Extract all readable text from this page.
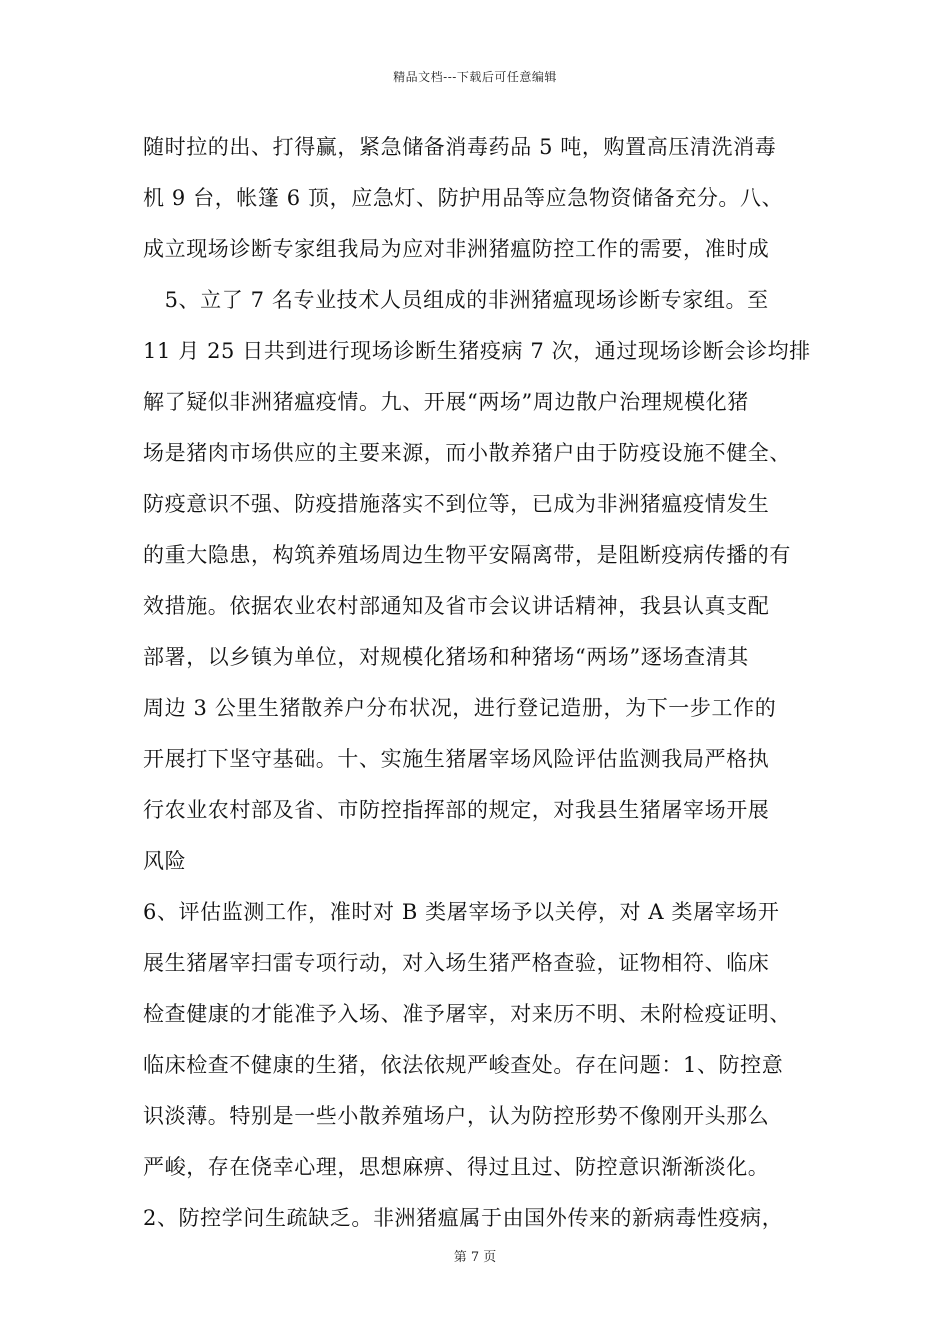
精品文档---下载后可任意编辑
随时拉的出、打得赢，紧急储备消毒药品 5 吨，购置高压清洗消毒
机 9 台，帐篷 6 顶，应急灯、防护用品等应急物资储备充分。八、
成立现场诊断专家组我局为应对非洲猪瘟防控工作的需要，准时成
　5、立了 7 名专业技术人员组成的非洲猪瘟现场诊断专家组。至
11 月 25 日共到进行现场诊断生猪疫病 7 次，通过现场诊断会诊均排
解了疑似非洲猪瘟疫情。九、开展“两场”周边散户治理规模化猪
场是猪肉市场供应的主要来源，而小散养猪户由于防疫设施不健全、
防疫意识不强、防疫措施落实不到位等，已成为非洲猪瘟疫情发生
的重大隐患，构筑养殖场周边生物平安隔离带，是阻断疫病传播的有
效措施。依据农业农村部通知及省市会议讲话精神，我县认真支配
部署，以乡镇为单位，对规模化猪场和种猪场“两场”逐场查清其
周边 3 公里生猪散养户分布状况，进行登记造册，为下一步工作的
开展打下坚守基础。十、实施生猪屠宰场风险评估监测我局严格执
行农业农村部及省、市防控指挥部的规定，对我县生猪屠宰场开展
风险
6、评估监测工作，准时对 B 类屠宰场予以关停，对 A 类屠宰场开
展生猪屠宰扫雷专项行动，对入场生猪严格查验，证物相符、临床
检查健康的才能准予入场、准予屠宰，对来历不明、未附检疫证明、
临床检查不健康的生猪，依法依规严峻查处。存在问题：1、防控意
识淡薄。特别是一些小散养殖场户，认为防控形势不像刚开头那么
严峻，存在侥幸心理，思想麻痹、得过且过、防控意识渐渐淡化。
2、防控学问生疏缺乏。非洲猪瘟属于由国外传来的新病毒性疫病，
第 7 页
